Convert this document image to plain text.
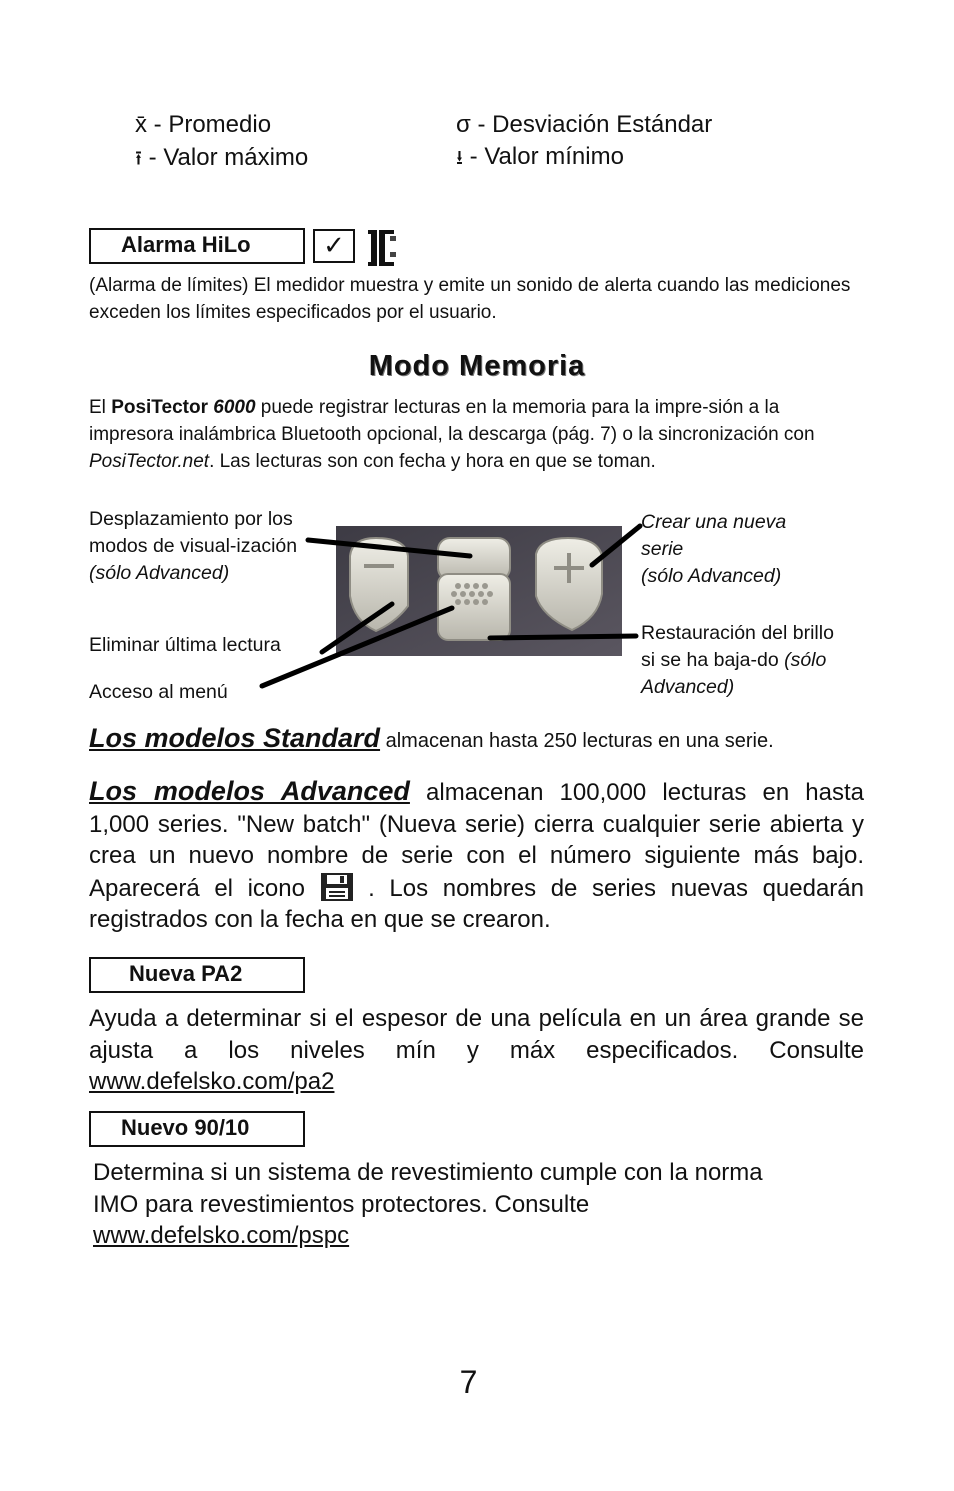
x̄ - Promedio	σ - Desviación Estándar
⭱ - Valor máximo	⭳ - Valor mínimo
Alarma HiLo	✓
(Alarma de límites) El medidor muestra y emite un sonido de alerta cuando las mediciones exceden los límites especificados por el usuario.
Modo Memoria
El PosiTector 6000 puede registrar lecturas en la memoria para la impre-sión a la impresora inalámbrica Bluetooth opcional, la descarga (pág. 7) o la sincronización con PosiTector.net. Las lecturas son con fecha y hora en que se toman.
Desplazamiento por los modos de visual-ización (sólo Advanced)
Eliminar última lectura
Acceso al menú
Crear una nueva serie
(sólo Advanced)
Restauración del brillo si se ha baja-do (sólo Advanced)
Los modelos Standard almacenan hasta 250 lecturas en una serie.
Los modelos Advanced almacenan 100,000 lecturas en hasta 1,000 series. "New batch" (Nueva serie) cierra cualquier serie abierta y crea un nuevo nombre de serie con el número siguiente más bajo. Aparecerá el icono  . Los nombres de series nuevas quedarán registrados con la fecha en que se crearon.
Nueva PA2
Ayuda a determinar si el espesor de una película en un área grande se ajusta a los niveles mín y máx especificados. Consulte www.defelsko.com/pa2
Nuevo 90/10
Determina si un sistema de revestimiento cumple con la norma IMO para revestimientos protectores. Consulte www.defelsko.com/pspc
7
